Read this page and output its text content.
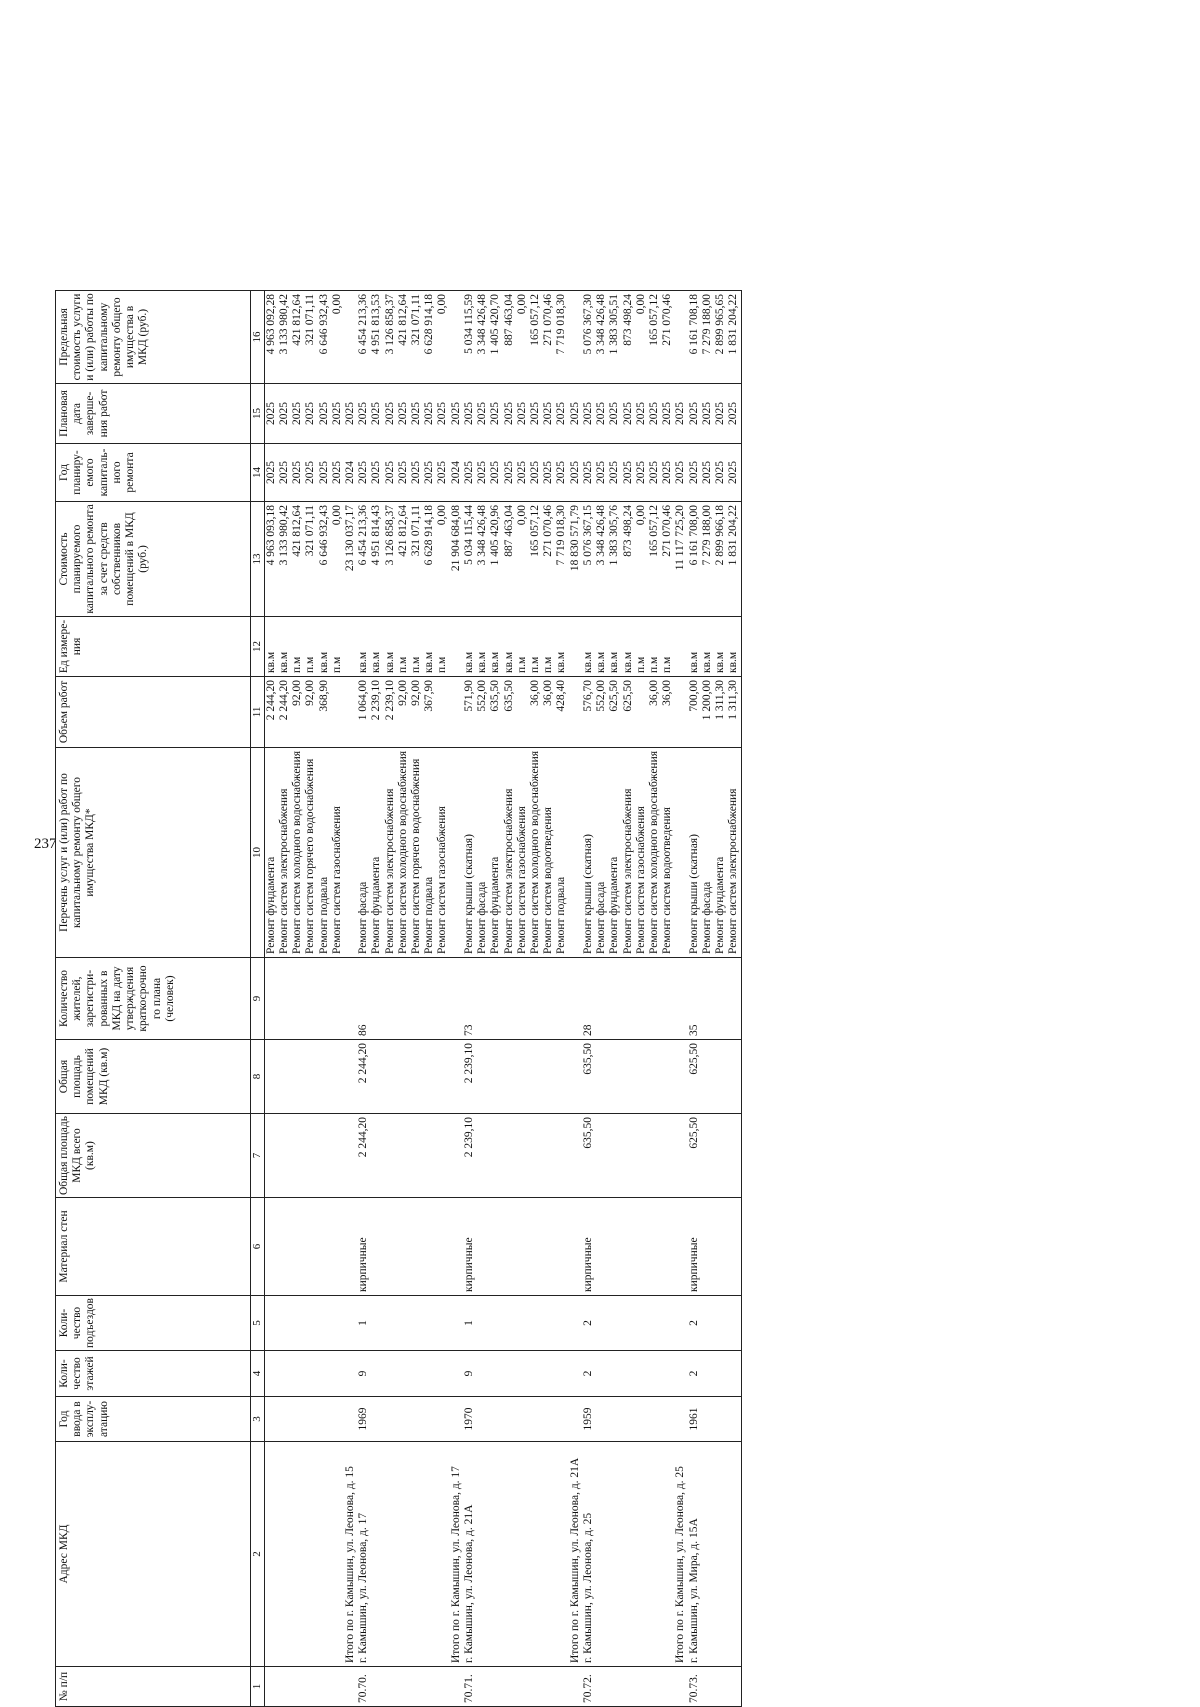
237
№ п/п	Адрес МКД	Год ввода в эксплу-атацию	Коли-чество этажей	Коли-чество подъездов	Материал стен	Общая площадь МКД всего (кв.м)	Общая площадь помещений МКД (кв.м)	Количество жителей, зарегистри-рованных в МКД на дату утверждения краткосрочно го плана (человек)	Перечень услуг и (или) работ по капитальному ремонту общего имущества МКД*	Объем работ	Ед измере-ния	Стоимость планируемого капитального ремонта за счет средств собственников помещений в МКД (руб.)	Год планиру-емого капиталь-ного ремонта	Плановая дата заверше-ния работ	Предельная стоимость услуги и (или) работы по капитальному ремонту общего имущества в МКД (руб.)
1	2	3	4	5	6	7	8	9	10	11	12	13	14	15	16
									Ремонт фундамента	2 244,20	кв.м	4 963 093,18	2025	2025	4 963 092,28
									Ремонт систем электроснабжения	2 244,20	кв.м	3 133 980,42	2025	2025	3 133 980,42
									Ремонт систем холодного водоснабжения	92,00	п.м	421 812,64	2025	2025	421 812,64
									Ремонт систем горячего водоснабжения	92,00	п.м	321 071,11	2025	2025	321 071,11
									Ремонт подвала	368,90	кв.м	6 646 932,43	2025	2025	6 646 932,43
									Ремонт систем газоснабжения		п.м	0,00	2025	2025	0,00
	Итого по г. Камышин, ул. Леонова, д. 15											23 130 037,17	2024	2025	
70.70.	г. Камышин, ул. Леонова, д. 17	1969	9	1	кирпичные	2 244,20	2 244,20	86	Ремонт фасада	1 064,00	кв.м	6 454 213,36	2025	2025	6 454 213,36
									Ремонт фундамента	2 239,10	кв.м	4 951 814,43	2025	2025	4 951 813,53
									Ремонт систем электроснабжения	2 239,10	кв.м	3 126 858,37	2025	2025	3 126 858,37
									Ремонт систем холодного водоснабжения	92,00	п.м	421 812,64	2025	2025	421 812,64
									Ремонт систем горячего водоснабжения	92,00	п.м	321 071,11	2025	2025	321 071,11
									Ремонт подвала	367,90	кв.м	6 628 914,18	2025	2025	6 628 914,18
									Ремонт систем газоснабжения		п.м	0,00	2025	2025	0,00
	Итого по г. Камышин, ул. Леонова, д. 17											21 904 684,08	2024	2025	
70.71.	г. Камышин, ул. Леонова, д. 21А	1970	9	1	кирпичные	2 239,10	2 239,10	73	Ремонт крыши (скатная)	571,90	кв.м	5 034 115,44	2025	2025	5 034 115,59
									Ремонт фасада	552,00	кв.м	3 348 426,48	2025	2025	3 348 426,48
									Ремонт фундамента	635,50	кв.м	1 405 420,96	2025	2025	1 405 420,70
									Ремонт систем электроснабжения	635,50	кв.м	887 463,04	2025	2025	887 463,04
									Ремонт систем газоснабжения		п.м	0,00	2025	2025	0,00
									Ремонт систем холодного водоснабжения	36,00	п.м	165 057,12	2025	2025	165 057,12
									Ремонт систем водоотведения	36,00	п.м	271 070,46	2025	2025	271 070,46
									Ремонт подвала	428,40	кв.м	7 719 018,30	2025	2025	7 719 018,30
	Итого по г. Камышин, ул. Леонова, д. 21А											18 830 571,79	2025	2025	
70.72.	г. Камышин, ул. Леонова, д. 25	1959	2	2	кирпичные	635,50	635,50	28	Ремонт крыши (скатная)	576,70	кв.м	5 076 367,15	2025	2025	5 076 367,30
									Ремонт фасада	552,00	кв.м	3 348 426,48	2025	2025	3 348 426,48
									Ремонт фундамента	625,50	кв.м	1 383 305,76	2025	2025	1 383 305,51
									Ремонт систем электроснабжения	625,50	кв.м	873 498,24	2025	2025	873 498,24
									Ремонт систем газоснабжения		п.м	0,00	2025	2025	0,00
									Ремонт систем холодного водоснабжения	36,00	п.м	165 057,12	2025	2025	165 057,12
									Ремонт систем водоотведения	36,00	п.м	271 070,46	2025	2025	271 070,46
	Итого по г. Камышин, ул. Леонова, д. 25											11 117 725,20	2025	2025	
70.73.	г. Камышин, ул. Мира, д. 15А	1961	2	2	кирпичные	625,50	625,50	35	Ремонт крыши (скатная)	700,00	кв.м	6 161 708,00	2025	2025	6 161 708,18
									Ремонт фасада	1 200,00	кв.м	7 279 188,00	2025	2025	7 279 188,00
									Ремонт фундамента	1 311,30	кв.м	2 899 966,18	2025	2025	2 899 965,65
									Ремонт систем электроснабжения	1 311,30	кв.м	1 831 204,22	2025	2025	1 831 204,22
